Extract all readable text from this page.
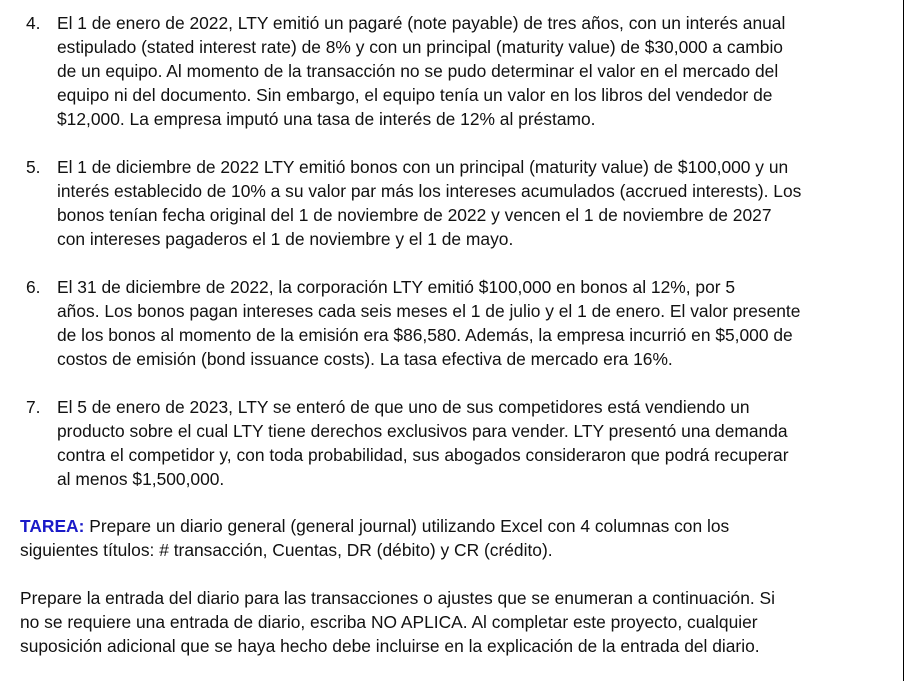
4. El 1 de enero de 2022, LTY emitió un pagaré (note payable) de tres años, con un interés anual
estipulado (stated interest rate) de 8% y con un principal (maturity value) de $30,000 a cambio
de un equipo. Al momento de la transacción no se pudo determinar el valor en el mercado del
equipo ni del documento. Sin embargo, el equipo tenía un valor en los libros del vendedor de
$12,000. La empresa imputó una tasa de interés de 12% al préstamo.
5. El 1 de diciembre de 2022 LTY emitió bonos con un principal (maturity value) de $100,000 y un
interés establecido de 10% a su valor par más los intereses acumulados (accrued interests). Los
bonos tenían fecha original del 1 de noviembre de 2022 y vencen el 1 de noviembre de 2027
con intereses pagaderos el 1 de noviembre y el 1 de mayo.
6. El 31 de diciembre de 2022, la corporación LTY emitió $100,000 en bonos al 12%, por 5
años. Los bonos pagan intereses cada seis meses el 1 de julio y el 1 de enero. El valor presente
de los bonos al momento de la emisión era $86,580. Además, la empresa incurrió en $5,000 de
costos de emisión (bond issuance costs). La tasa efectiva de mercado era 16%.
7. El 5 de enero de 2023, LTY se enteró de que uno de sus competidores está vendiendo un
producto sobre el cual LTY tiene derechos exclusivos para vender. LTY presentó una demanda
contra el competidor y, con toda probabilidad, sus abogados consideraron que podrá recuperar
al menos $1,500,000.
TAREA: Prepare un diario general (general journal) utilizando Excel con 4 columnas con los
siguientes títulos: # transacción, Cuentas, DR (débito) y CR (crédito).
Prepare la entrada del diario para las transacciones o ajustes que se enumeran a continuación. Si
no se requiere una entrada de diario, escriba NO APLICA. Al completar este proyecto, cualquier
suposición adicional que se haya hecho debe incluirse en la explicación de la entrada del diario.
